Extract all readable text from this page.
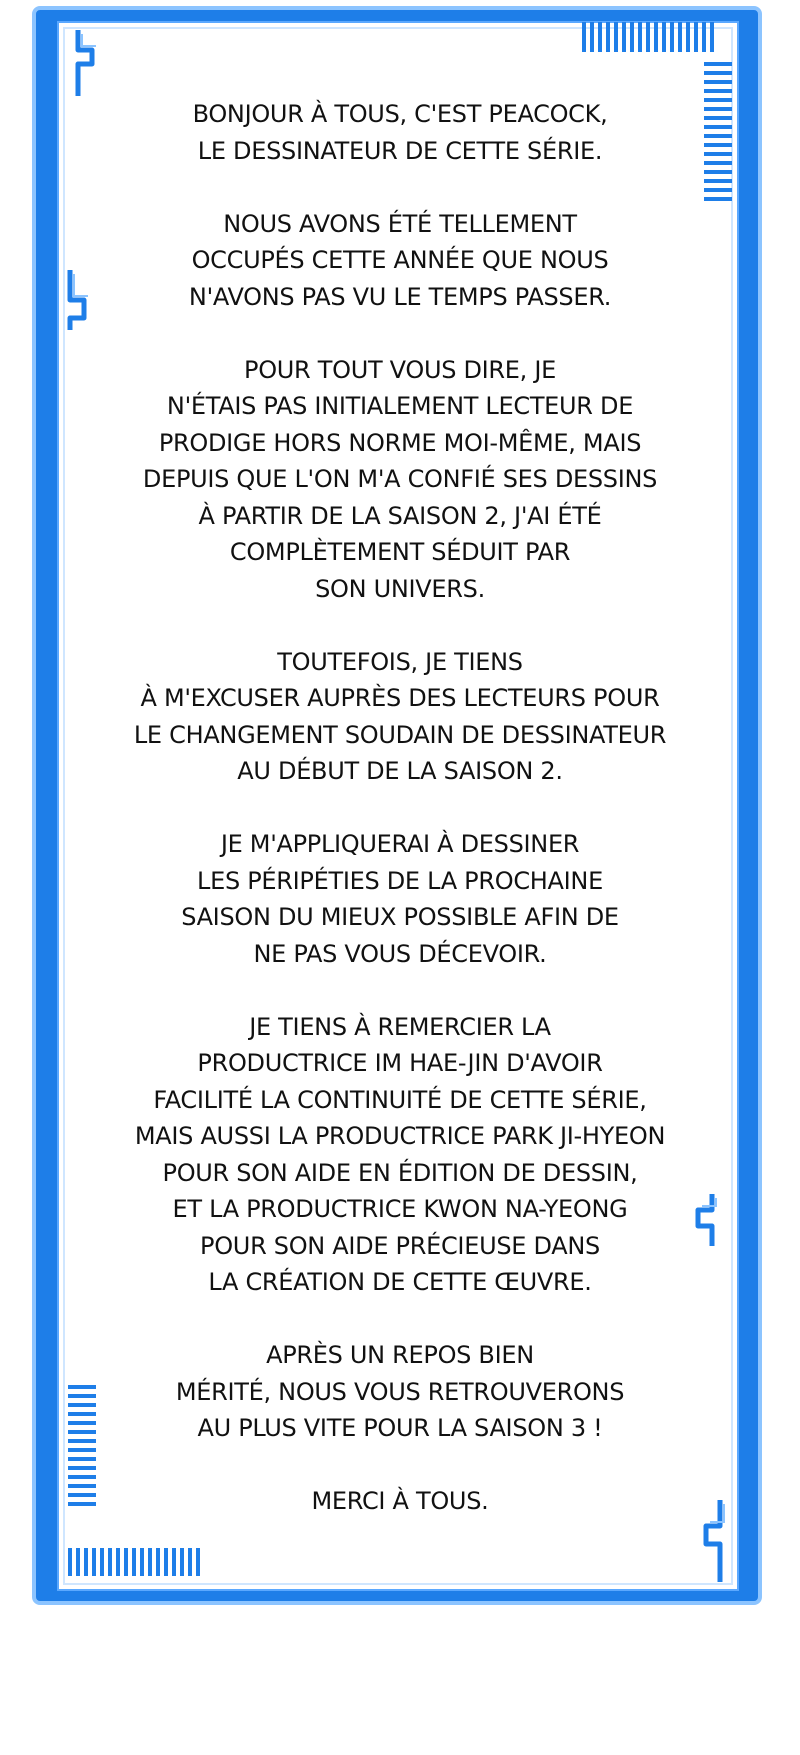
BONJOUR À TOUS, C'EST PEACOCK,
LE DESSINATEUR DE CETTE SÉRIE.

NOUS AVONS ÉTÉ TELLEMENT
OCCUPÉS CETTE ANNÉE QUE NOUS
N'AVONS PAS VU LE TEMPS PASSER.

POUR TOUT VOUS DIRE, JE
N'ÉTAIS PAS INITIALEMENT LECTEUR DE
PRODIGE HORS NORME MOI-MÊME, MAIS
DEPUIS QUE L'ON M'A CONFIÉ SES DESSINS
À PARTIR DE LA SAISON 2, J'AI ÉTÉ
COMPLÈTEMENT SÉDUIT PAR
SON UNIVERS.

TOUTEFOIS, JE TIENS
À M'EXCUSER AUPRÈS DES LECTEURS POUR
LE CHANGEMENT SOUDAIN DE DESSINATEUR
AU DÉBUT DE LA SAISON 2.

JE M'APPLIQUERAI À DESSINER
LES PÉRIPÉTIES DE LA PROCHAINE
SAISON DU MIEUX POSSIBLE AFIN DE
NE PAS VOUS DÉCEVOIR.

JE TIENS À REMERCIER LA
PRODUCTRICE IM HAE-JIN D'AVOIR
FACILITÉ LA CONTINUITÉ DE CETTE SÉRIE,
MAIS AUSSI LA PRODUCTRICE PARK JI-HYEON
POUR SON AIDE EN ÉDITION DE DESSIN,
ET LA PRODUCTRICE KWON NA-YEONG
POUR SON AIDE PRÉCIEUSE DANS
LA CRÉATION DE CETTE ŒUVRE.

APRÈS UN REPOS BIEN
MÉRITÉ, NOUS VOUS RETROUVERONS
AU PLUS VITE POUR LA SAISON 3 !

MERCI À TOUS.
